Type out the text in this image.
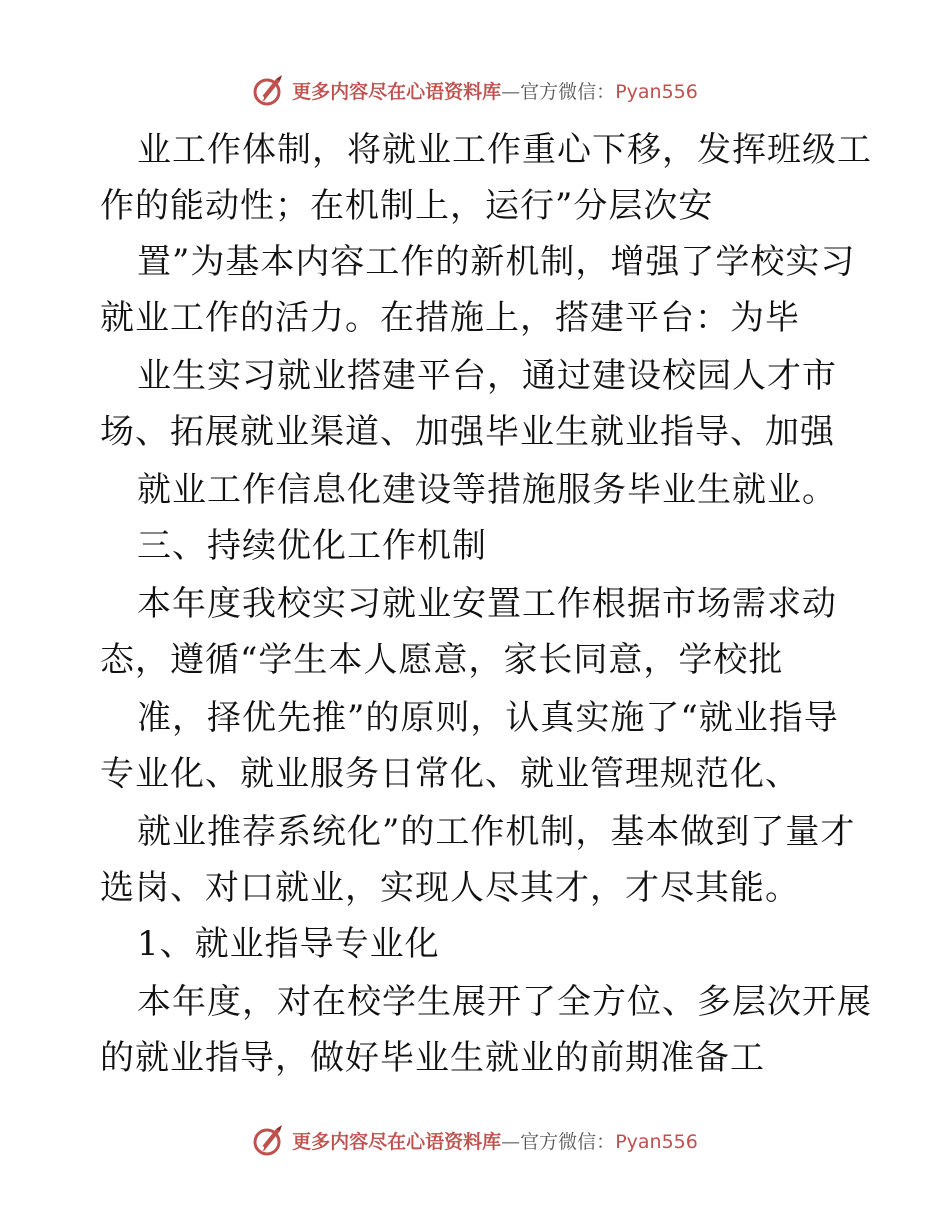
更多内容尽在心语资料库—官方微信：Pyan556
业工作体制，将就业工作重心下移，发挥班级工
作的能动性；在机制上，运行”分层次安
置”为基本内容工作的新机制，增强了学校实习
就业工作的活力。在措施上，搭建平台：为毕
业生实习就业搭建平台，通过建设校园人才市
场、拓展就业渠道、加强毕业生就业指导、加强
就业工作信息化建设等措施服务毕业生就业。
三、持续优化工作机制
本年度我校实习就业安置工作根据市场需求动
态，遵循“学生本人愿意，家长同意，学校批
准，择优先推”的原则，认真实施了“就业指导
专业化、就业服务日常化、就业管理规范化、
就业推荐系统化”的工作机制，基本做到了量才
选岗、对口就业，实现人尽其才，才尽其能。
1、就业指导专业化
本年度，对在校学生展开了全方位、多层次开展
的就业指导，做好毕业生就业的前期准备工
更多内容尽在心语资料库—官方微信：Pyan556
